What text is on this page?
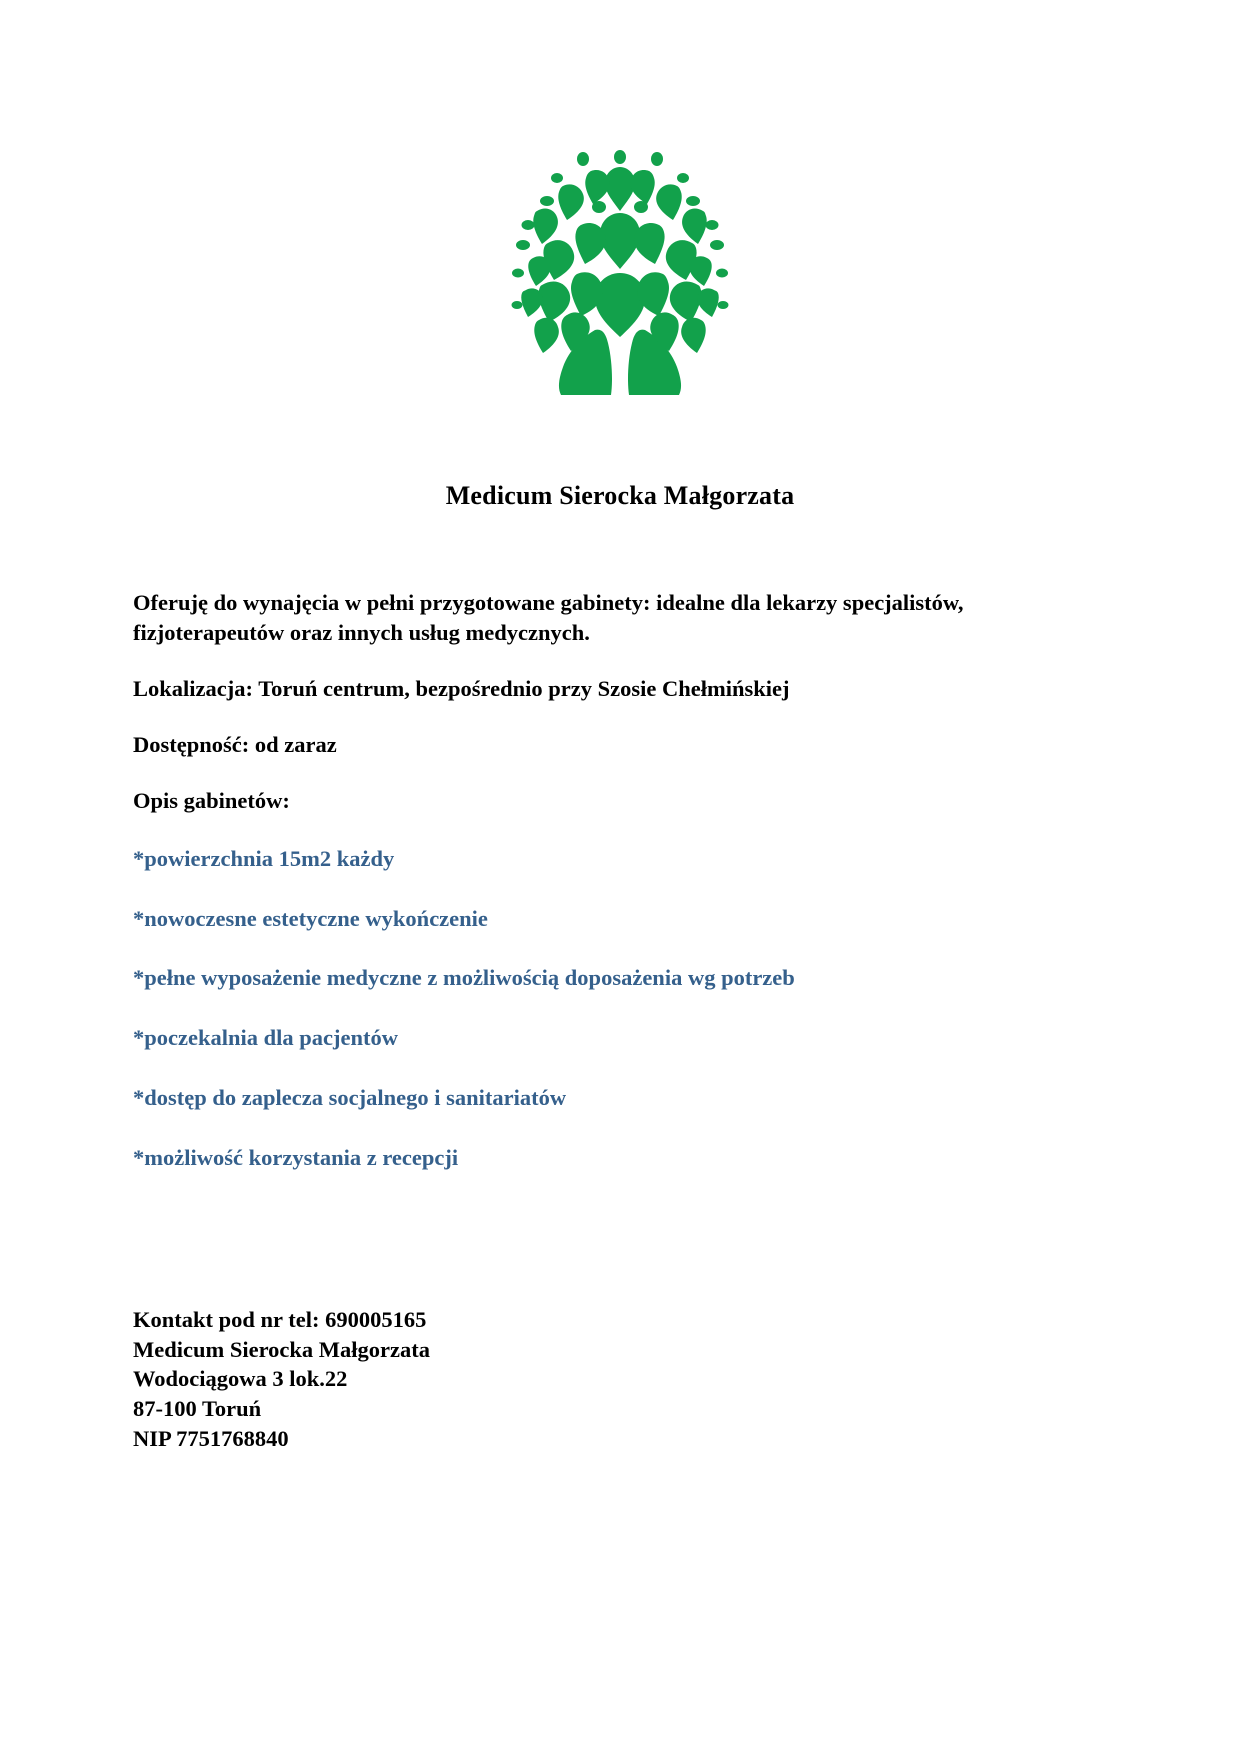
Medicum Sierocka Małgorzata

Oferuję do wynajęcia w pełni przygotowane gabinety: idealne dla lekarzy specjalistów, fizjoterapeutów oraz innych usług medycznych.

Lokalizacja: Toruń centrum, bezpośrednio przy Szosie Chełmińskiej

Dostępność: od zaraz

Opis gabinetów:

*powierzchnia 15m2 każdy

*nowoczesne estetyczne wykończenie

*pełne wyposażenie medyczne z możliwością doposażenia wg potrzeb

*poczekalnia dla pacjentów

*dostęp do zaplecza socjalnego i sanitariatów

*możliwość korzystania z recepcji

Kontakt pod nr tel: 690005165
Medicum Sierocka Małgorzata
Wodociągowa 3 lok.22
87-100 Toruń
NIP 7751768840
